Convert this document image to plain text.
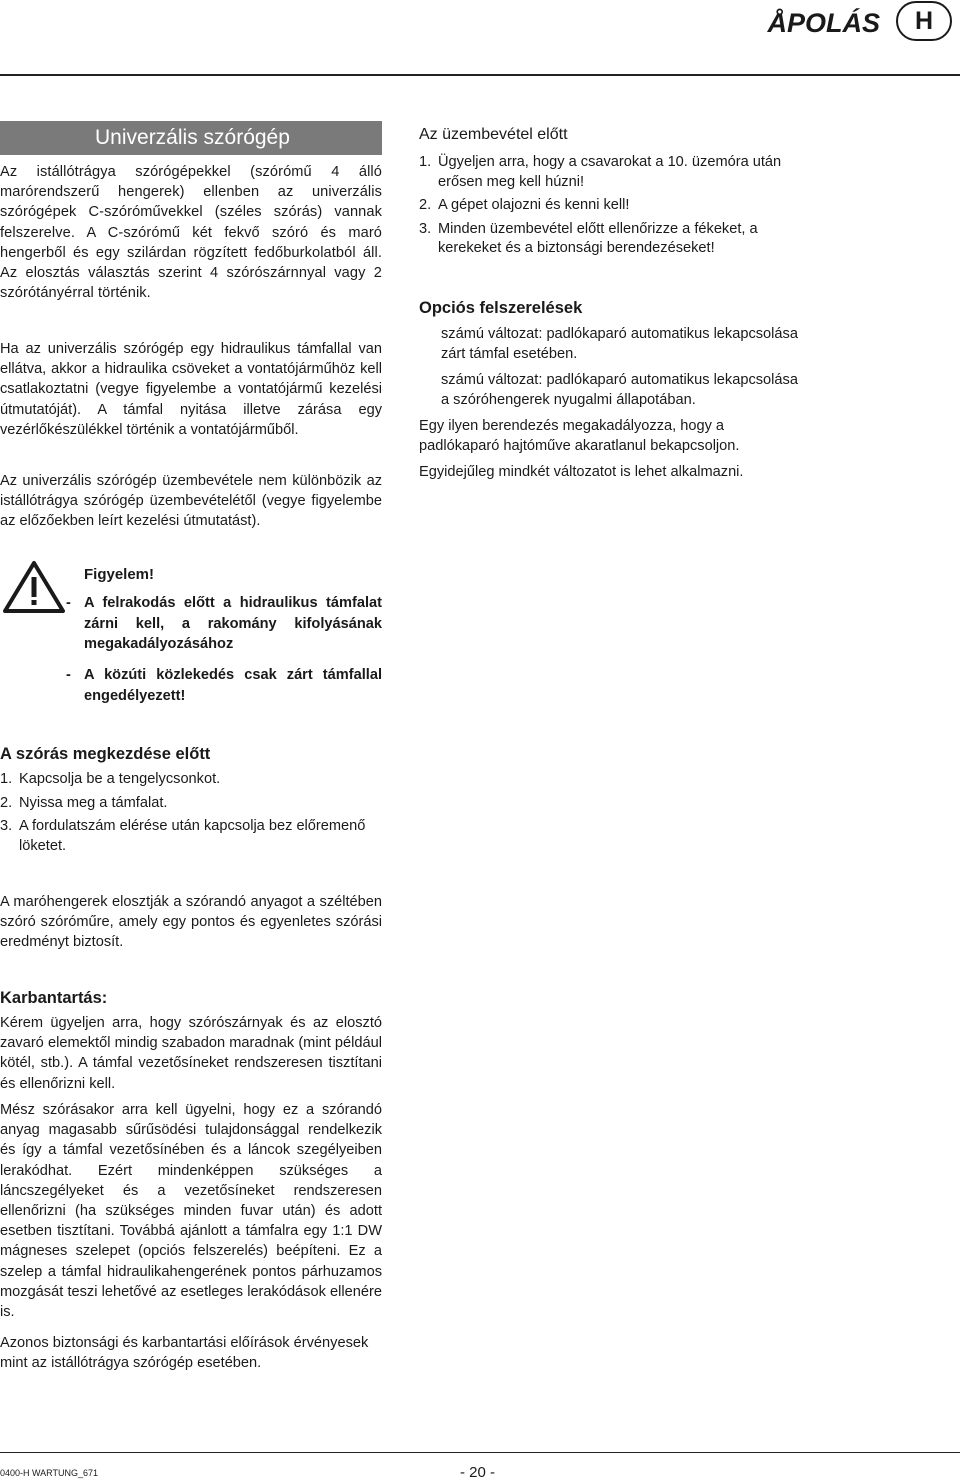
ÅPOLÁS	H
Univerzális szórógép

Az istállótrágya szórógépekkel (szórómű 4 álló marórendszerű hengerek) ellenben az univerzális szórógépek C-szóróművekkel (széles szórás) vannak felszerelve. A C-szórómű két fekvő szóró és maró hengerből és egy szilárdan rögzített fedőburkolatból áll. Az elosztás választás szerint 4 szórószárnnyal vagy 2 szórótányérral történik.

Ha az univerzális szórógép egy hidraulikus támfallal van ellátva, akkor a hidraulika csöveket a vontatójárműhöz kell csatlakoztatni (vegye figyelembe a vontatójármű kezelési útmutatóját). A támfal nyitása illetve zárása egy vezérlőkészülékkel történik a vontatójárműből.

Az univerzális szórógép üzembevétele nem különbözik az istállótrágya szórógép üzembevételétől (vegye figyelembe az előzőekben leírt kezelési útmutatást).

Az üzembevétel előtt
1. Ügyeljen arra, hogy a csavarokat a 10. üzemóra után erősen meg kell húzni!
2. A gépet olajozni és kenni kell!
3. Minden üzembevétel előtt ellenőrizze a fékeket, a kerekeket és a biztonsági berendezéseket!
Opciós felszerelések

számú változat: padlókaparó automatikus lekapcsolása zárt támfal esetében.

számú változat: padlókaparó automatikus lekapcsolása a szóróhengerek nyugalmi állapotában.

Egy ilyen berendezés megakadályozza, hogy a padlókaparó hajtóműve akaratlanul bekapcsoljon.

Egyidejűleg mindkét változatot is lehet alkalmazni.

Figyelem!
- A felrakodás előtt a hidraulikus támfalat zárni kell, a rakomány kifolyásának megakadályozásához

- A közúti közlekedés csak zárt támfallal engedélyezett!

A szórás megkezdése előtt
1. Kapcsolja be a tengelycsonkot.
2. Nyissa meg a támfalat.
3. A fordulatszám elérése után kapcsolja bez előremenő löketet.

A maróhengerek elosztják a szórandó anyagot a széltében szóró szóróműre, amely egy pontos és egyenletes szórási eredményt biztosít.

Karbantartás:

Kérem ügyeljen arra, hogy szórószárnyak és az elosztó zavaró elemektől mindig szabadon maradnak (mint például kötél, stb.). A támfal vezetősíneket rendszeresen tisztítani és ellenőrizni kell.

Mész szórásakor arra kell ügyelni, hogy ez a szórandó anyag magasabb sűrűsödési tulajdonsággal rendelkezik és így a támfal vezetősínében és a láncok szegélyeiben lerakódhat. Ezért mindenképpen szükséges a láncszegélyeket és a vezetősíneket rendszeresen ellenőrizni (ha szükséges minden fuvar után) és adott esetben tisztítani. Továbbá ajánlott a támfalra egy 1:1 DW mágneses szelepet (opciós felszerelés) beépíteni. Ez a szelep a támfal hidraulikahengerének pontos párhuzamos mozgását teszi lehetővé az esetleges lerakódások ellenére is.

Azonos biztonsági és karbantartási előírások érvényesek mint az istállótrágya szórógép esetében.

0400-H WARTUNG_671	- 20 -
